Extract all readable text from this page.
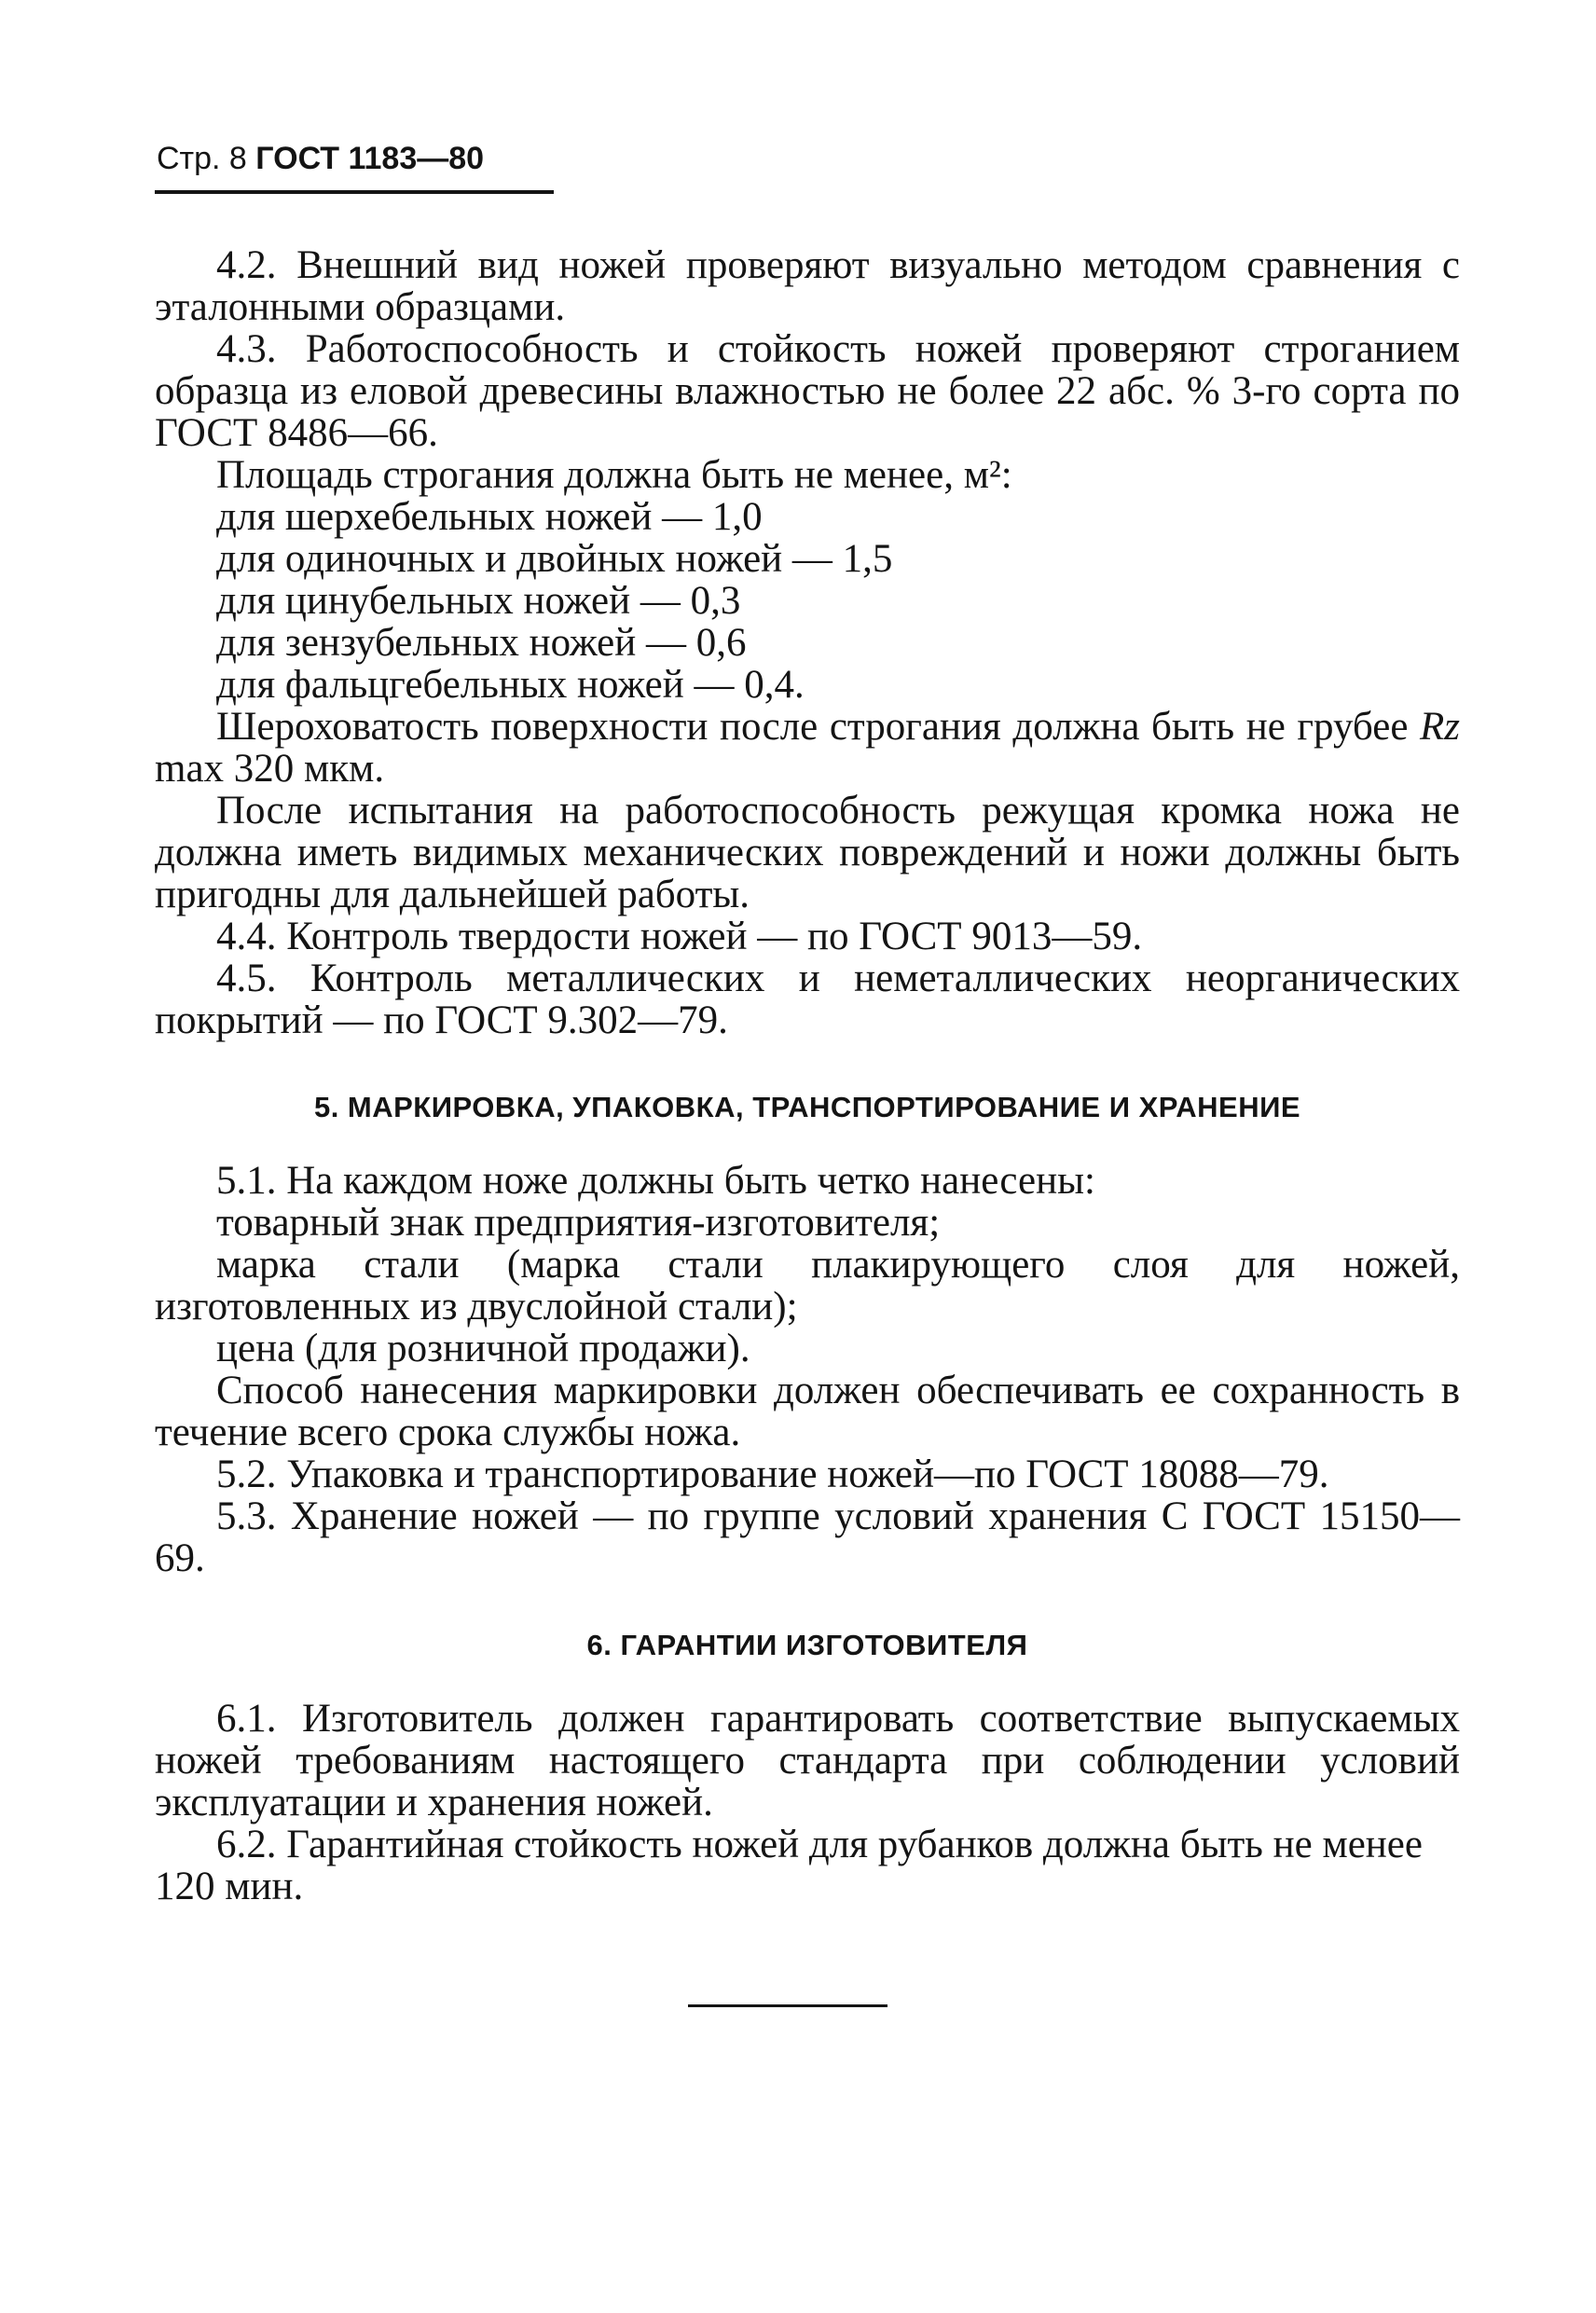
Стр. 8 ГОСТ 1183—80

4.2. Внешний вид ножей проверяют визуально методом сравнения с эталонными образцами.

4.3. Работоспособность и стойкость ножей проверяют строганием образца из еловой древесины влажностью не более 22 абс. % 3-го сорта по ГОСТ 8486—66.

Площадь строгания должна быть не менее, м²:

для шерхебельных ножей — 1,0

для одиночных и двойных ножей — 1,5

для цинубельных ножей — 0,3

для зензубельных ножей — 0,6

для фальцгебельных ножей — 0,4.

Шероховатость поверхности после строгания должна быть не грубее Rz max 320 мкм.

После испытания на работоспособность режущая кромка ножа не должна иметь видимых механических повреждений и ножи должны быть пригодны для дальнейшей работы.

4.4. Контроль твердости ножей — по ГОСТ 9013—59.

4.5. Контроль металлических и неметаллических неорганических покрытий — по ГОСТ 9.302—79.

5. МАРКИРОВКА, УПАКОВКА, ТРАНСПОРТИРОВАНИЕ И ХРАНЕНИЕ

5.1. На каждом ноже должны быть четко нанесены:

товарный знак предприятия-изготовителя;

марка стали (марка стали плакирующего слоя для ножей, изготовленных из двуслойной стали);

цена (для розничной продажи).

Способ нанесения маркировки должен обеспечивать ее сохранность в течение всего срока службы ножа.

5.2. Упаковка и транспортирование ножей—по ГОСТ 18088—79.

5.3. Хранение ножей — по группе условий хранения С ГОСТ 15150—69.

6. ГАРАНТИИ ИЗГОТОВИТЕЛЯ

6.1. Изготовитель должен гарантировать соответствие выпускаемых ножей требованиям настоящего стандарта при соблюдении условий эксплуатации и хранения ножей.

6.2. Гарантийная стойкость ножей для рубанков должна быть не менее 120 мин.
